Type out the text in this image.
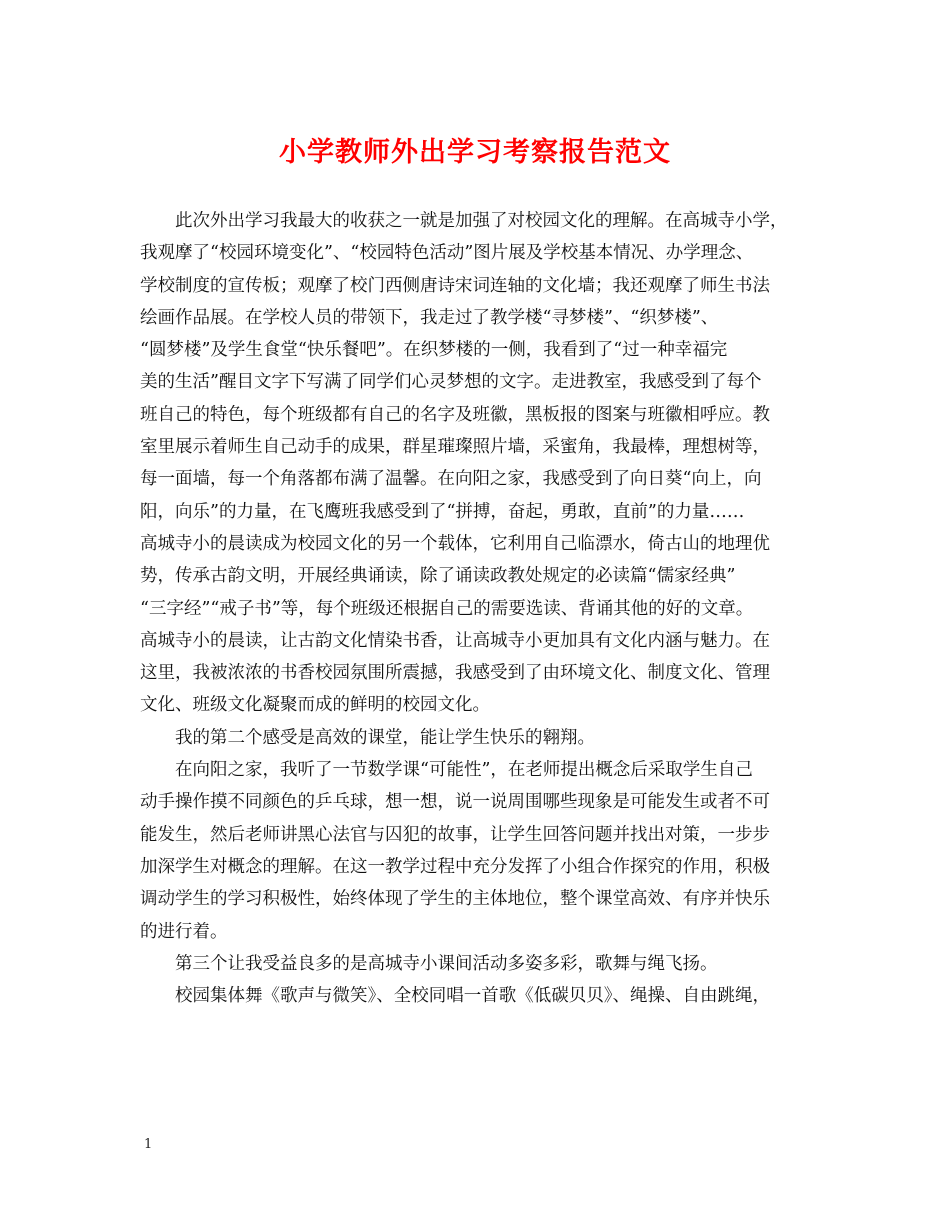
小学教师外出学习考察报告范文
此次外出学习我最大的收获之一就是加强了对校园文化的理解。在高城寺小学，
我观摩了“校园环境变化”、“校园特色活动”图片展及学校基本情况、办学理念、
学校制度的宣传板；观摩了校门西侧唐诗宋词连轴的文化墙；我还观摩了师生书法
绘画作品展。在学校人员的带领下，我走过了教学楼“寻梦楼”、“织梦楼”、
“圆梦楼”及学生食堂“快乐餐吧”。在织梦楼的一侧，我看到了“过一种幸福完
美的生活”醒目文字下写满了同学们心灵梦想的文字。走进教室，我感受到了每个
班自己的特色，每个班级都有自己的名字及班徽，黑板报的图案与班徽相呼应。教
室里展示着师生自己动手的成果，群星璀璨照片墙，采蜜角，我最棒，理想树等，
每一面墙，每一个角落都布满了温馨。在向阳之家，我感受到了向日葵“向上，向
阳，向乐”的力量，在飞鹰班我感受到了“拼搏，奋起，勇敢，直前”的力量……
高城寺小的晨读成为校园文化的另一个载体，它利用自己临漂水，倚古山的地理优
势，传承古韵文明，开展经典诵读，除了诵读政教处规定的必读篇“儒家经典”
“三字经”“戒子书”等，每个班级还根据自己的需要选读、背诵其他的好的文章。
高城寺小的晨读，让古韵文化情染书香，让高城寺小更加具有文化内涵与魅力。在
这里，我被浓浓的书香校园氛围所震撼，我感受到了由环境文化、制度文化、管理
文化、班级文化凝聚而成的鲜明的校园文化。
我的第二个感受是高效的课堂，能让学生快乐的翱翔。
在向阳之家，我听了一节数学课“可能性”，在老师提出概念后采取学生自己
动手操作摸不同颜色的乒乓球，想一想，说一说周围哪些现象是可能发生或者不可
能发生，然后老师讲黑心法官与囚犯的故事，让学生回答问题并找出对策，一步步
加深学生对概念的理解。在这一教学过程中充分发挥了小组合作探究的作用，积极
调动学生的学习积极性，始终体现了学生的主体地位，整个课堂高效、有序并快乐
的进行着。
第三个让我受益良多的是高城寺小课间活动多姿多彩，歌舞与绳飞扬。
校园集体舞《歌声与微笑》、全校同唱一首歌《低碳贝贝》、绳操、自由跳绳，
1
